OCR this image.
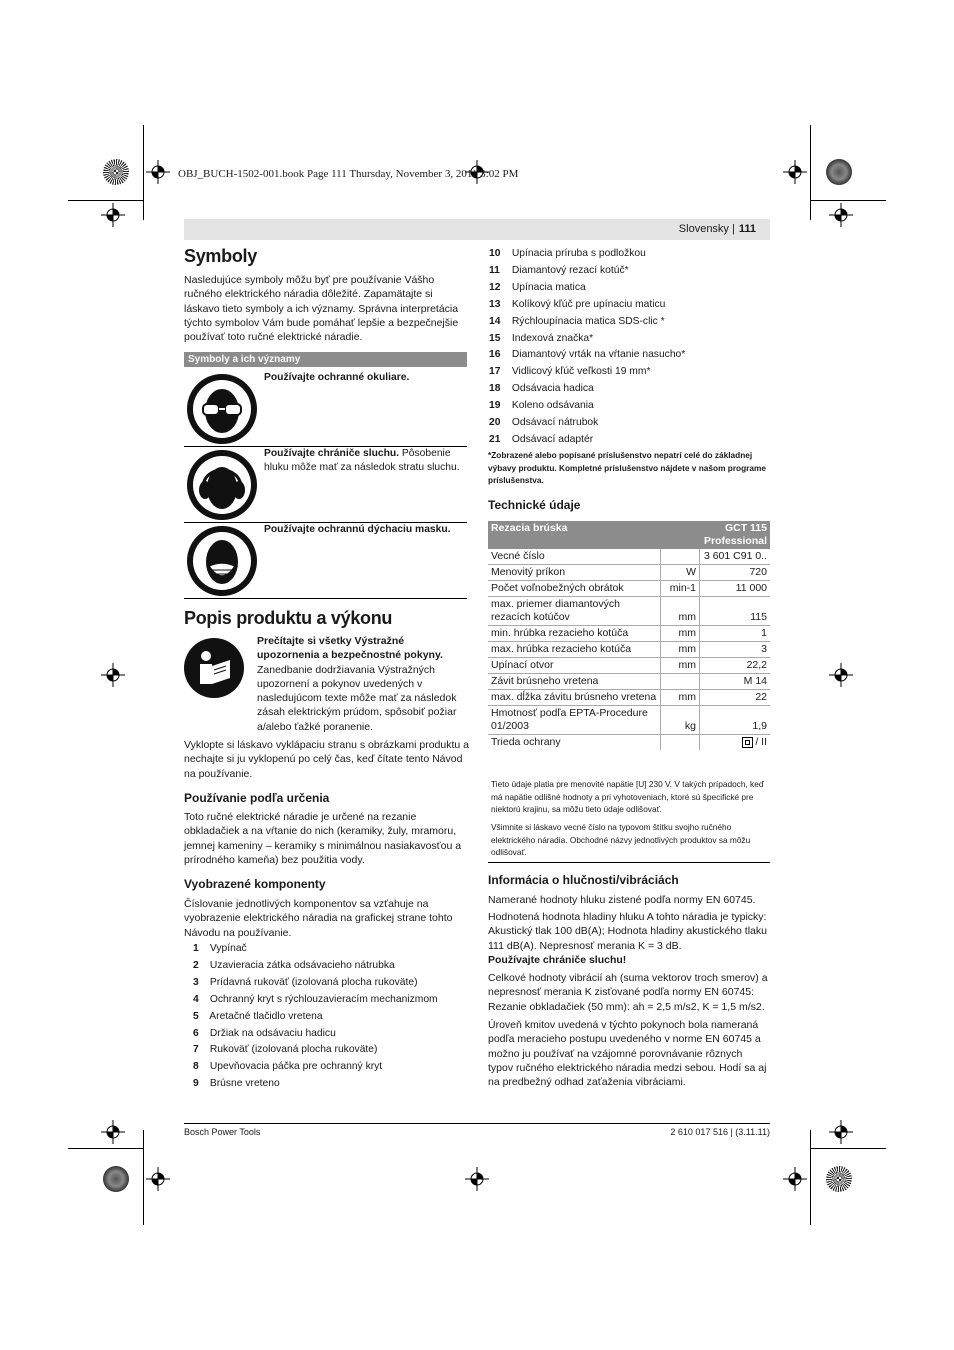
OBJ_BUCH-1502-001.book Page 111 Thursday, November 3, 2011 3:02 PM
Slovensky | 111
Symboly
Nasledujúce symboly môžu byť pre používanie Vášho ručného elektrického náradia dôležité. Zapamätajte si láskavo tieto symboly a ich významy. Správna interpretácia týchto symbolov Vám bude pomáhať lepšie a bezpečnejšie používať toto ručné elektrické náradie.
Symboly a ich významy
Používajte ochranné okuliare.
Používajte chrániče sluchu. Pôsobenie hluku môže mať za následok stratu sluchu.
Používajte ochrannú dýchaciu masku.
Popis produktu a výkonu
Prečítajte si všetky Výstražné upozornenia a bezpečnostné pokyny. Zanedbanie dodržiavania Výstražných upozornení a pokynov uvedených v nasledujúcom texte môže mať za následok zásah elektrickým prúdom, spôsobiť požiar a/alebo ťažké poranenie.
Vyklopte si láskavo vyklápaciu stranu s obrázkami produktu a nechajte si ju vyklopenú po celý čas, keď čítate tento Návod na používanie.
Používanie podľa určenia
Toto ručné elektrické náradie je určené na rezanie obkladačiek a na vŕtanie do nich (keramiky, žuly, mramoru, jemnej kameniny – keramiky s minimálnou nasiakavosťou a prírodného kameňa) bez použitia vody.
Vyobrazené komponenty
Číslovanie jednotlivých komponentov sa vzťahuje na vyobrazenie elektrického náradia na grafickej strane tohto Návodu na používanie.
1 Vypínač
2 Uzavieracia zátka odsávacieho nátrubka
3 Prídavná rukoväť (izolovaná plocha rukoväte)
4 Ochranný kryt s rýchlouzavieracím mechanizmom
5 Aretačné tlačidlo vretena
6 Držiak na odsávaciu hadicu
7 Rukoväť (izolovaná plocha rukoväte)
8 Upevňovacia páčka pre ochranný kryt
9 Brúsne vreteno
10 Upínacia príruba s podložkou
11 Diamantový rezací kotúč*
12 Upínacia matica
13 Kolíkový kľúč pre upínaciu maticu
14 Rýchloupínacia matica SDS-clic *
15 Indexová značka*
16 Diamantový vrták na vŕtanie nasucho*
17 Vidlicový kľúč veľkosti 19 mm*
18 Odsávacia hadica
19 Koleno odsávania
20 Odsávací nátrubok
21 Odsávací adaptér
*Zobrazené alebo popísané príslušenstvo nepatrí celé do základnej výbavy produktu. Kompletné príslušenstvo nájdete v našom programe príslušenstva.
Technické údaje
Rezacia brúska		GCT 115
Professional

Vecné číslo		3 601 C91 0..
Menovitý príkon	W	720
Počet voľnobežných obrátok	min-1	11 000
max. priemer diamantových rezacích kotúčov	mm	115
min. hrúbka rezacieho kotúča	mm	1
max. hrúbka rezacieho kotúča	mm	3
Upínací otvor	mm	22,2
Závit brúsneho vretena		M 14
max. dĺžka závitu brúsneho vretena	mm	22
Hmotnosť podľa EPTA-Procedure 01/2003	kg	1,9
Trieda ochrany		/ II
Tieto údaje platia pre menovité napätie [U] 230 V. V takých prípadoch, keď má napätie odlišné hodnoty a pri vyhotoveniach, ktoré sú špecifické pre niektorú krajinu, sa môžu tieto údaje odlišovať.
Všimnite si láskavo vecné číslo na typovom štítku svojho ručného elektrického náradia. Obchodné názvy jednotlivých produktov sa môžu odlišovať.
Informácia o hlučnosti/vibráciách
Namerané hodnoty hluku zistené podľa normy EN 60745.
Hodnotená hodnota hladiny hluku A tohto náradia je typicky: Akustický tlak 100 dB(A); Hodnota hladiny akustického tlaku 111 dB(A). Nepresnosť merania K = 3 dB.
Používajte chrániče sluchu!
Celkové hodnoty vibrácií ah (suma vektorov troch smerov) a nepresnosť merania K zisťované podľa normy EN 60745: Rezanie obkladačiek (50 mm): ah = 2,5 m/s2, K = 1,5 m/s2.
Úroveň kmitov uvedená v týchto pokynoch bola nameraná podľa meracieho postupu uvedeného v norme EN 60745 a možno ju používať na vzájomné porovnávanie rôznych typov ručného elektrického náradia medzi sebou. Hodí sa aj na predbežný odhad zaťaženia vibráciami.
Bosch Power Tools	2 610 017 516 | (3.11.11)
